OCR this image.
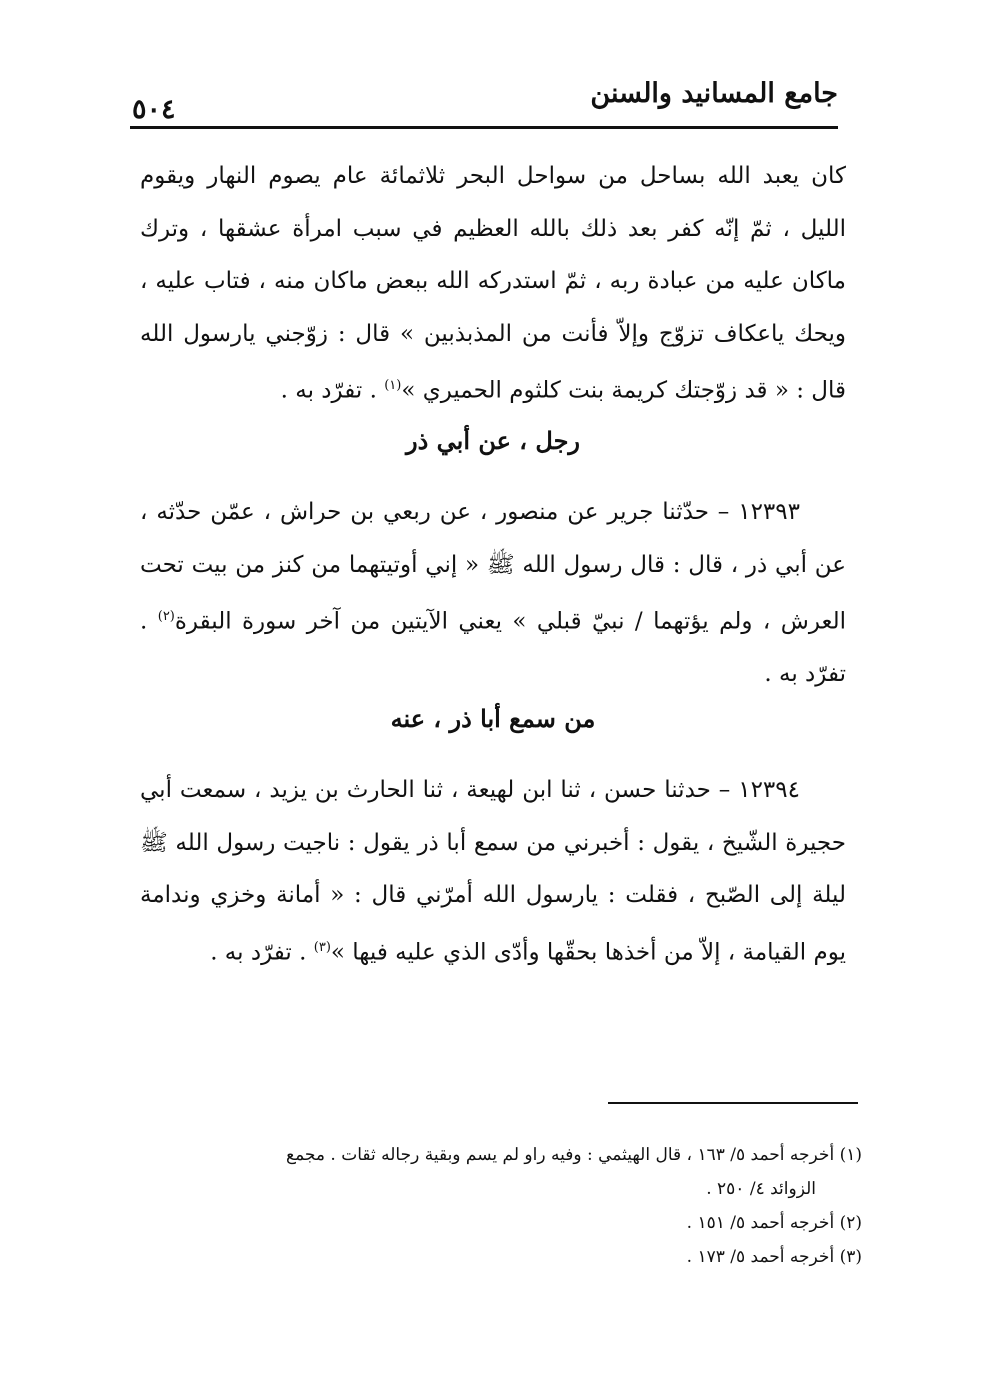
جامع المسانيد والسنن
٥٠٤
كان يعبد الله بساحل من سواحل البحر ثلاثمائة عام يصوم النهار ويقوم الليل ، ثمّ إنّه كفر بعد ذلك بالله العظيم في سبب امرأة عشقها ، وترك ماكان عليه من عبادة ربه ، ثمّ استدركه الله ببعض ماكان منه ، فتاب عليه ، ويحك ياعكاف تزوّج وإلاّ فأنت من المذبذبين » قال : زوّجني يارسول الله قال : « قد زوّجتك كريمة بنت كلثوم الحميري »$^{(١)}$ . تفرّد به .
رجل ، عن أبي ذر
١٢٣٩٣ – حدّثنا جرير عن منصور ، عن ربعي بن حراش ، عمّن حدّثه ، عن أبي ذر ، قال : قال رسول الله ﷺ « إني أوتيتهما من كنز من بيت تحت العرش ، ولم يؤتهما / نبيّ قبلي » يعني الآيتين من آخر سورة البقرة$^{(٢)}$ . تفرّد به .
من سمع أبا ذر ، عنه
١٢٣٩٤ – حدثنا حسن ، ثنا ابن لهيعة ، ثنا الحارث بن يزيد ، سمعت أبي حجيرة الشّيخ ، يقول : أخبرني من سمع أبا ذر يقول : ناجيت رسول الله ﷺ ليلة إلى الصّبح ، فقلت : يارسول الله أمرّني قال : « أمانة وخزي وندامة يوم القيامة ، إلاّ من أخذها بحقّها وأدّى الذي عليه فيها »$^{(٣)}$ . تفرّد به .
(١) أخرجه أحمد ٥/ ١٦٣ ، قال الهيثمي : وفيه راو لم يسم وبقية رجاله ثقات . مجمع
الزوائد ٤/ ٢٥٠ .
(٢) أخرجه أحمد ٥/ ١٥١ .
(٣) أخرجه أحمد ٥/ ١٧٣ .
